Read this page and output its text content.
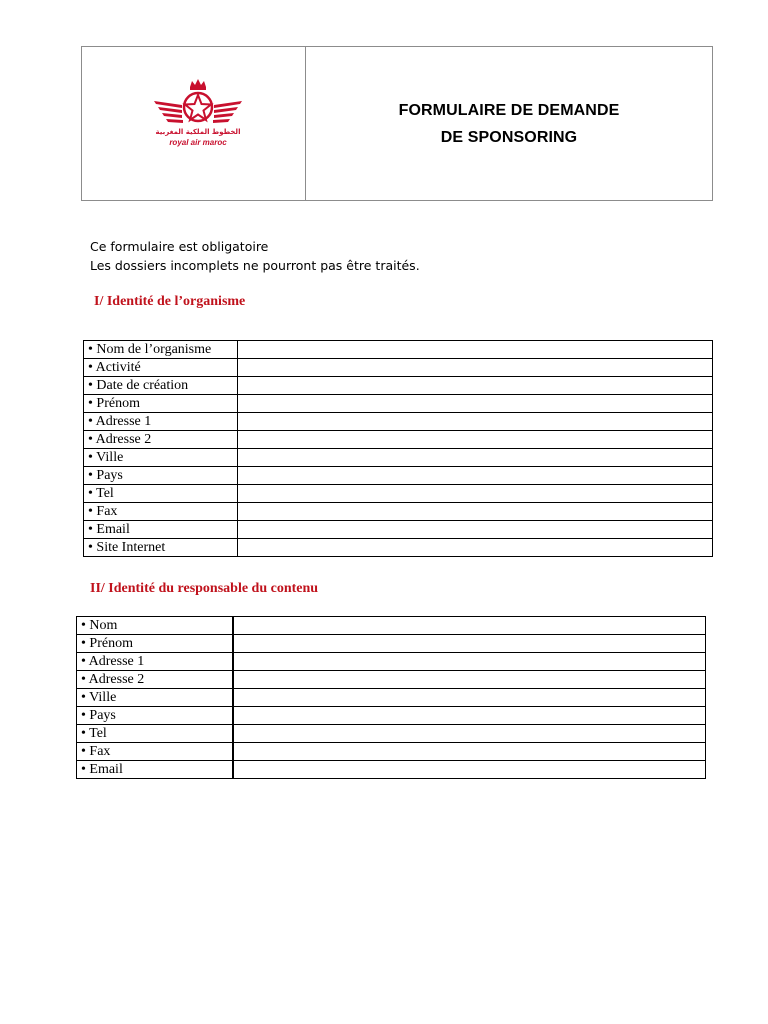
الخطوط الملكية المغربية
royal air maroc
FORMULAIRE DE DEMANDE
DE SPONSORING
Ce formulaire est obligatoire
Les dossiers incomplets ne pourront pas être traités.
I/ Identité de l’organisme
• Nom de l’organisme	
• Activité	
• Date de création	
• Prénom	
• Adresse 1	
• Adresse 2	
• Ville	
• Pays	
• Tel	
• Fax	
• Email	
• Site Internet	
II/ Identité du responsable du contenu
• Nom	
• Prénom	
• Adresse 1	
• Adresse 2	
• Ville	
• Pays	
• Tel	
• Fax	
• Email	
